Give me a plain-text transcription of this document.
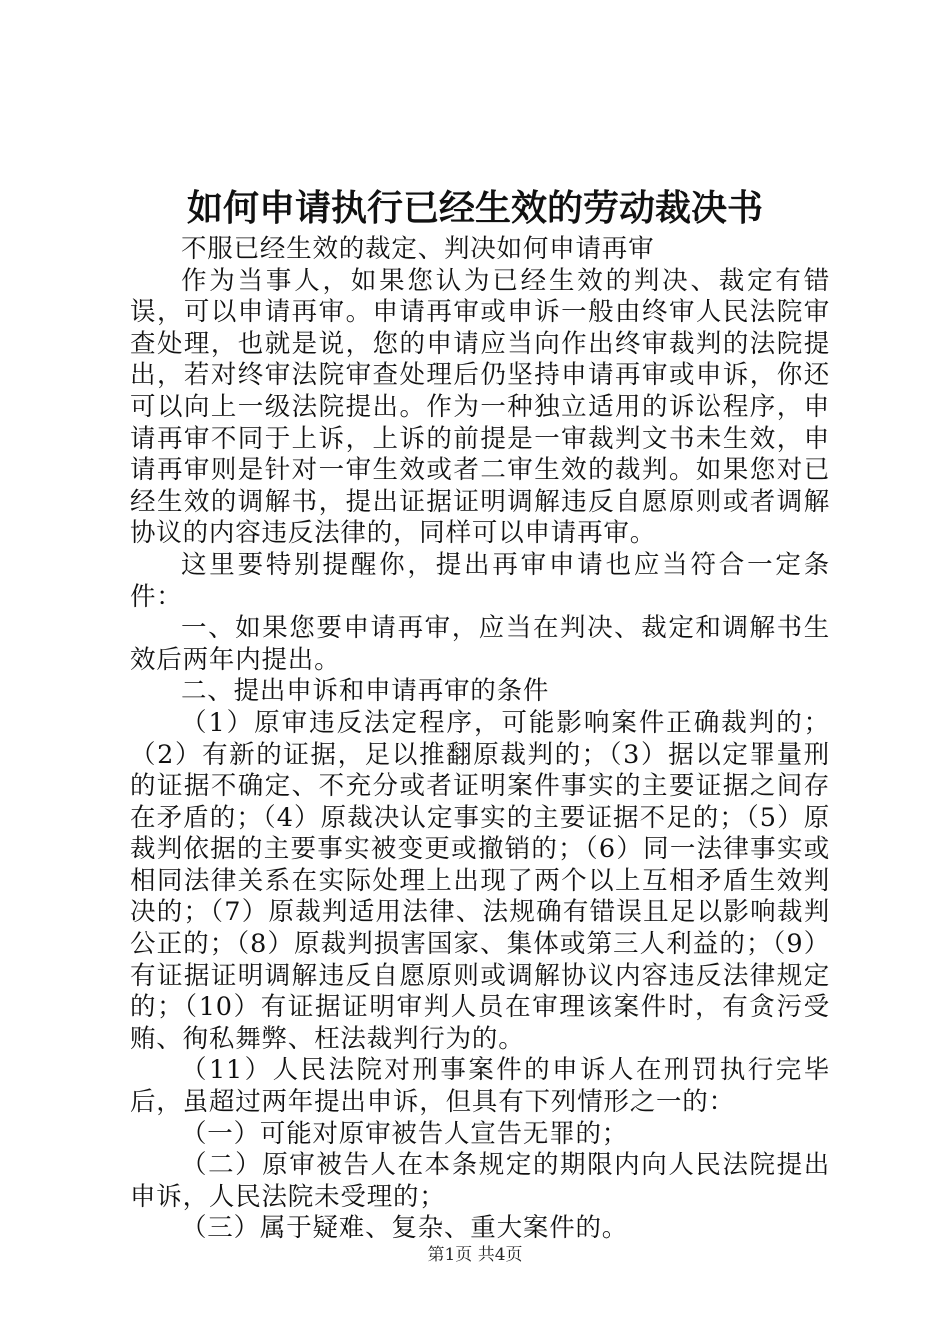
如何申请执行已经生效的劳动裁决书

不服已经生效的裁定、判决如何申请再审

作为当事人，如果您认为已经生效的判决、裁定有错误，可以申请再审。申请再审或申诉一般由终审人民法院审查处理，也就是说，您的申请应当向作出终审裁判的法院提出，若对终审法院审查处理后仍坚持申请再审或申诉，你还可以向上一级法院提出。作为一种独立适用的诉讼程序，申请再审不同于上诉，上诉的前提是一审裁判文书未生效，申请再审则是针对一审生效或者二审生效的裁判。如果您对已经生效的调解书，提出证据证明调解违反自愿原则或者调解协议的内容违反法律的，同样可以申请再审。

这里要特别提醒你，提出再审申请也应当符合一定条件：

一、如果您要申请再审，应当在判决、裁定和调解书生效后两年内提出。

二、提出申诉和申请再审的条件

（1）原审违反法定程序，可能影响案件正确裁判的；（2）有新的证据，足以推翻原裁判的；（3）据以定罪量刑的证据不确定、不充分或者证明案件事实的主要证据之间存在矛盾的；（4）原裁决认定事实的主要证据不足的；（5）原裁判依据的主要事实被变更或撤销的；（6）同一法律事实或相同法律关系在实际处理上出现了两个以上互相矛盾生效判决的；（7）原裁判适用法律、法规确有错误且足以影响裁判公正的；（8）原裁判损害国家、集体或第三人利益的；（9）有证据证明调解违反自愿原则或调解协议内容违反法律规定的；（10）有证据证明审判人员在审理该案件时，有贪污受贿、徇私舞弊、枉法裁判行为的。

（11）人民法院对刑事案件的申诉人在刑罚执行完毕后，虽超过两年提出申诉，但具有下列情形之一的：

（一）可能对原审被告人宣告无罪的；

（二）原审被告人在本条规定的期限内向人民法院提出申诉，人民法院未受理的；

（三）属于疑难、复杂、重大案件的。

第1页 共4页
